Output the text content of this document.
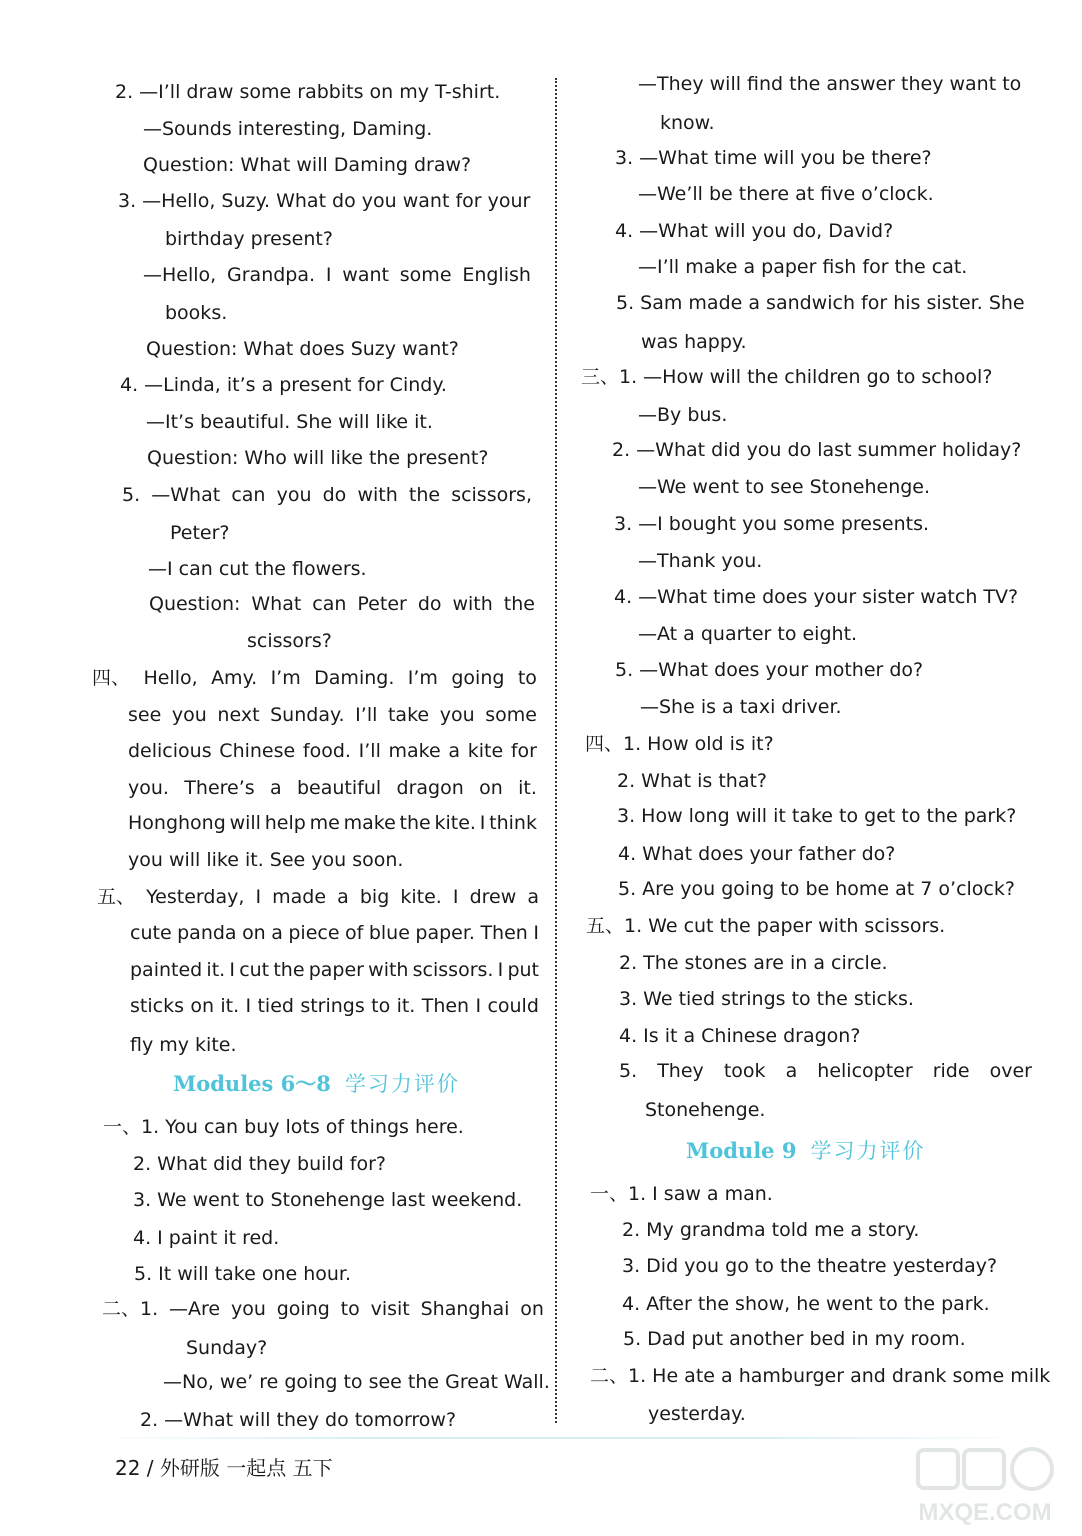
2. —I’ll draw some rabbits on my T-shirt.
—Sounds interesting, Daming.
Question: What will Daming draw?
3. —Hello, Suzy. What do you want for your
birthday present?
—Hello, Grandpa. I want some English
books.
Question: What does Suzy want?
4. —Linda, it’s a present for Cindy.
—It’s beautiful. She will like it.
Question: Who will like the present?
5. —What can you do with the scissors,
Peter?
—I can cut the flowers.
Question: What can Peter do with the
scissors?
四、 Hello, Amy. I’m Daming. I’m going to
see you next Sunday. I’ll take you some
delicious Chinese food. I’ll make a kite for
you. There’s a beautiful dragon on it.
Honghong will help me make the kite. I think
you will like it. See you soon.
五、 Yesterday, I made a big kite. I drew a
cute panda on a piece of blue paper. Then I
painted it. I cut the paper with scissors. I put
sticks on it. I tied strings to it. Then I could
fly my kite.
一、1. You can buy lots of things here.
2. What did they build for?
3. We went to Stonehenge last weekend.
4. I paint it red.
5. It will take one hour.
二、1. —Are you going to visit Shanghai on
Sunday?
—No, we’ re going to see the Great Wall.
2. —What will they do tomorrow?
—They will find the answer they want to
know.
3. —What time will you be there?
—We’ll be there at five o’clock.
4. —What will you do, David?
—I’ll make a paper fish for the cat.
5. Sam made a sandwich for his sister. She
was happy.
三、1. —How will the children go to school?
—By bus.
2. —What did you do last summer holiday?
—We went to see Stonehenge.
3. —I bought you some presents.
—Thank you.
4. —What time does your sister watch TV?
—At a quarter to eight.
5. —What does your mother do?
—She is a taxi driver.
四、1. How old is it?
2. What is that?
3. How long will it take to get to the park?
4. What does your father do?
5. Are you going to be home at 7 o’clock?
五、1. We cut the paper with scissors.
2. The stones are in a circle.
3. We tied strings to the sticks.
4. Is it a Chinese dragon?
5. They took a helicopter ride over
Stonehenge.
一、1. I saw a man.
2. My grandma told me a story.
3. Did you go to the theatre yesterday?
4. After the show, he went to the park.
5. Dad put another bed in my room.
二、1. He ate a hamburger and drank some milk
yesterday.
Modules 6～8 学习力评价
Module 9 学习力评价
22 / 外研版 一起点 五下
MXQE.COM
